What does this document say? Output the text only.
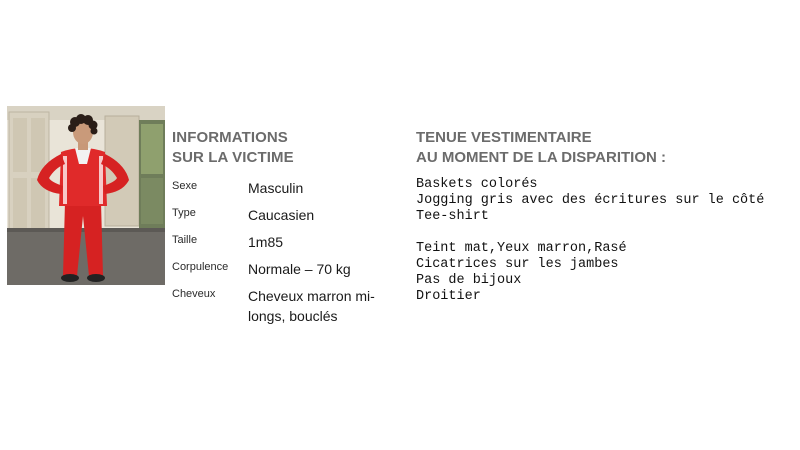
INFORMATIONS
SUR LA VICTIME
Sexe	Masculin
Type	Caucasien
Taille	1m85
Corpulence Normale – 70 kg
Cheveux Cheveux marron mi-longs, bouclés
TENUE VESTIMENTAIRE
AU MOMENT DE LA DISPARITION :
Baskets colorés
Jogging gris avec des écritures sur le côté
Tee-shirt
Teint mat,Yeux marron,Rasé
Cicatrices sur les jambes
Pas de bijoux
Droitier
